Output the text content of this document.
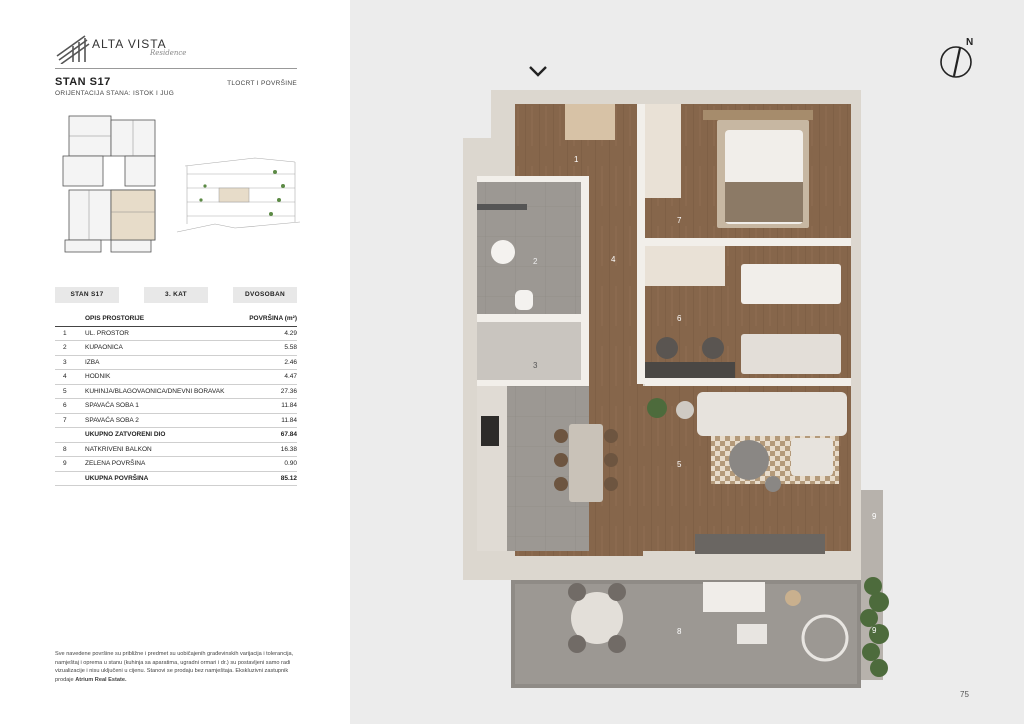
ALTA VISTA
Residence
STAN S17
ORIJENTACIJA STANA: ISTOK I JUG
TLOCRT I POVRŠINE
STAN S17	3. KAT	DVOSOBAN
OPIS PROSTORIJE	POVRŠINA (m²)
1	UL. PROSTOR	4.29
2	KUPAONICA	5.58
3	IZBA	2.46
4	HODNIK	4.47
5	KUHINJA/BLAGOVAONICA/DNEVNI BORAVAK	27.36
6	SPAVAĆA SOBA 1	11.84
7	SPAVAĆA SOBA 2	11.84
UKUPNO ZATVORENI DIO	67.84
8	NATKRIVENI BALKON	16.38
9	ZELENA POVRŠINA	0.90
UKUPNA POVRŠINA	85.12
Sve navedene površine su približne i predmet su uobičajenih građevinskih varijacija i tolerancija, namještaj i oprema u stanu (kuhinja sa aparatima, ugradni ormari i dr.) su postavljeni samo radi vizualizacije i nisu uključeni u cijenu. Stanovi se prodaju bez namještaja. Ekskluzivni zastupnik prodaje Atrium Real Estate.
N
1
2
3
4
5
6
7
8
9
9
75
